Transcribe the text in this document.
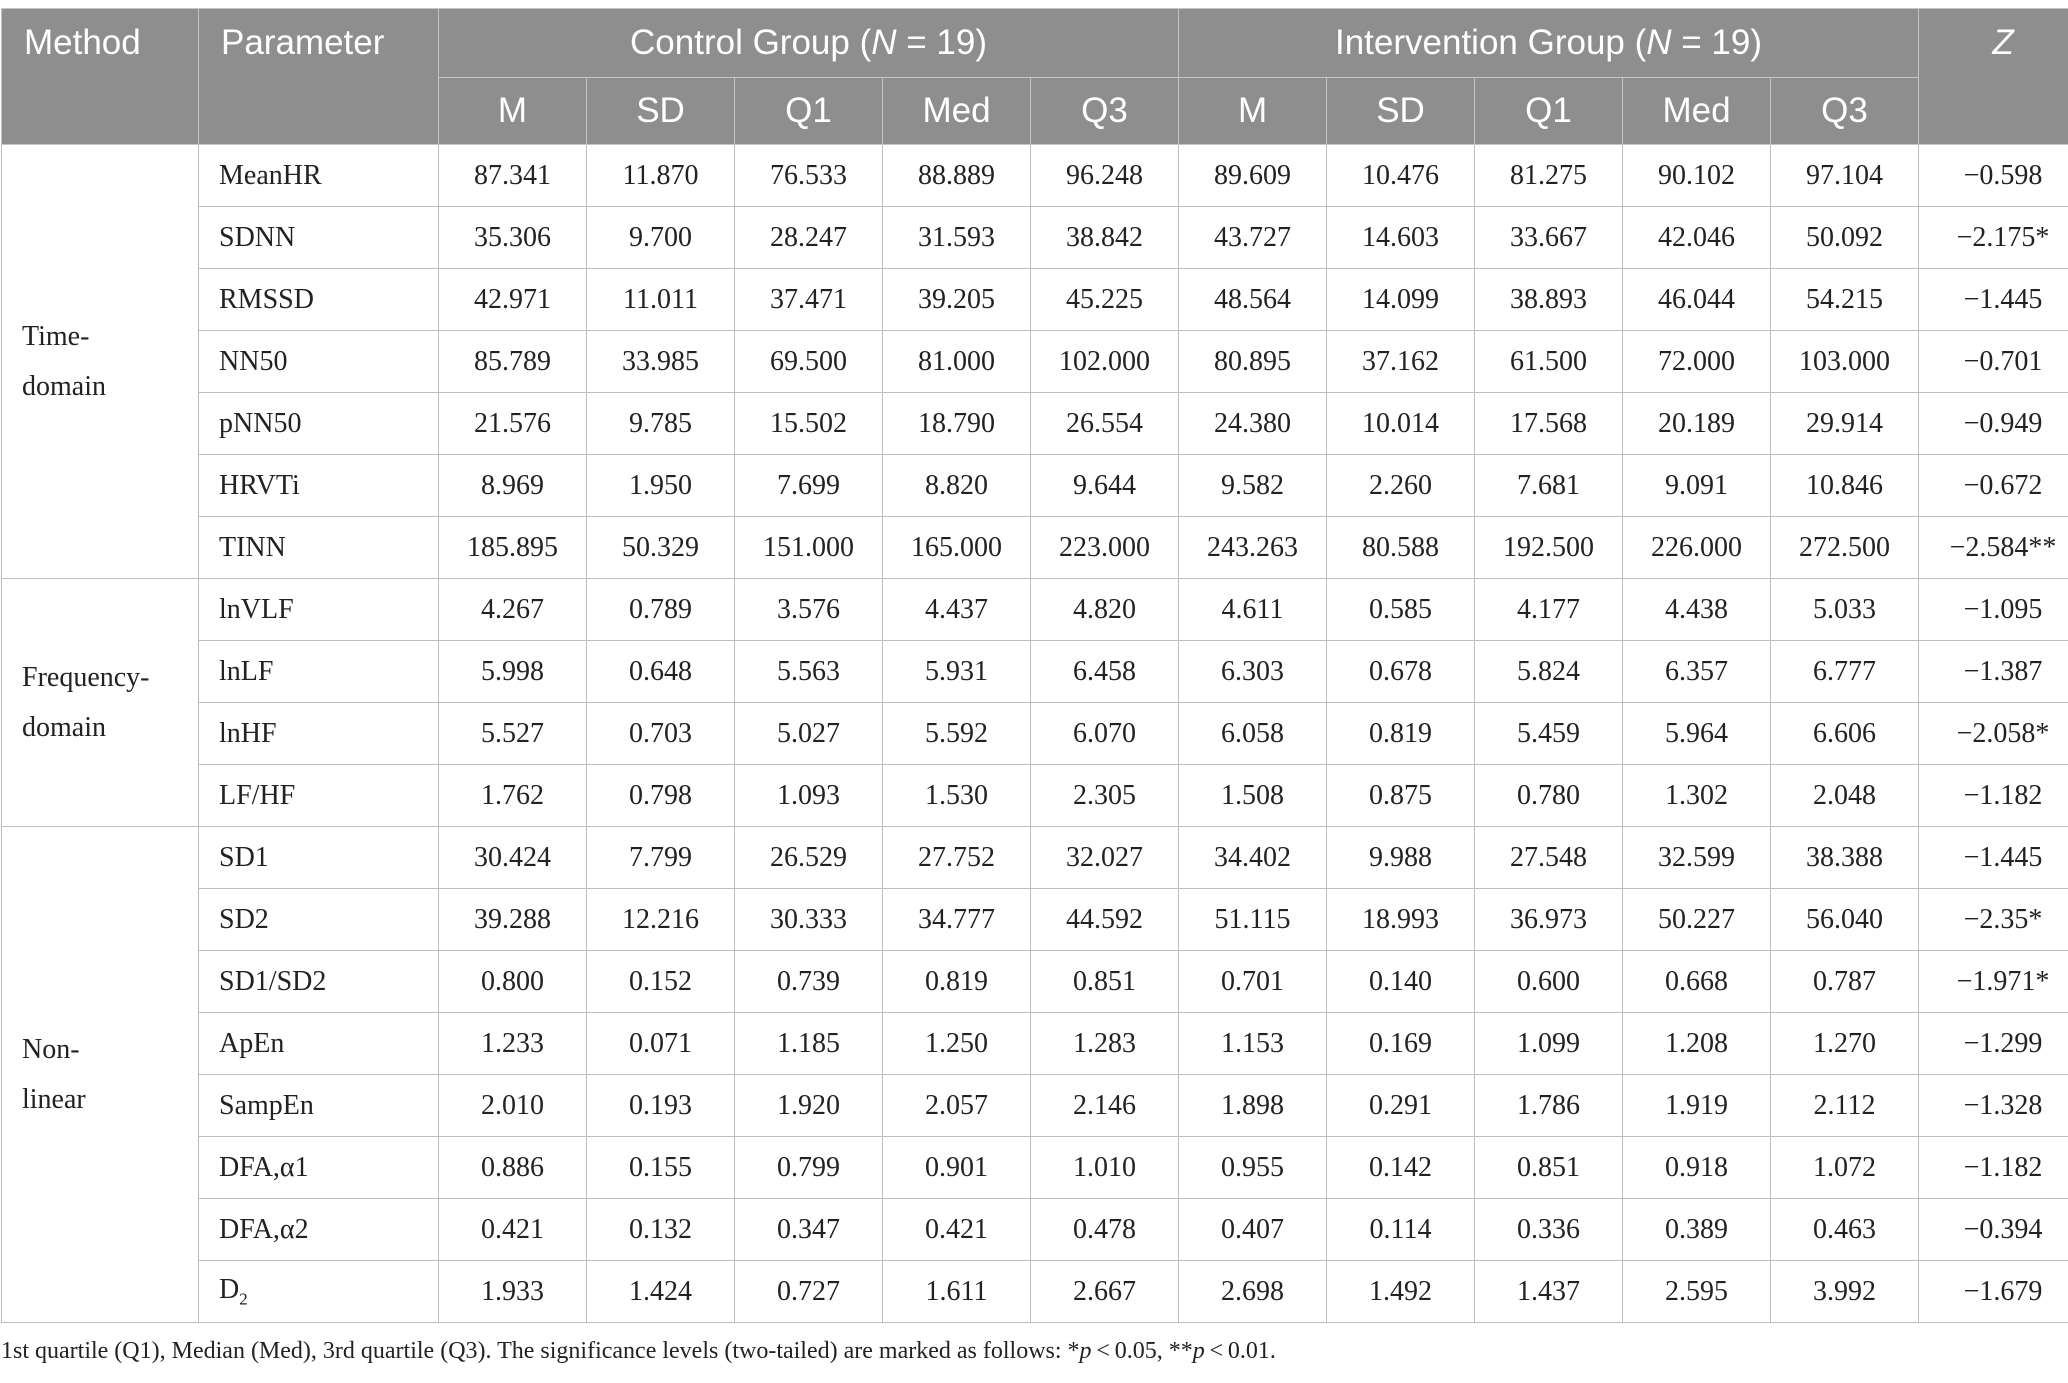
Method	Parameter	Control Group (N = 19)					Intervention Group (N = 19)					Z
		M	SD	Q1	Med	Q3	M	SD	Q1	Med	Q3	
Time-domain	MeanHR	87.341	11.870	76.533	88.889	96.248	89.609	10.476	81.275	90.102	97.104	−0.598
	SDNN	35.306	9.700	28.247	31.593	38.842	43.727	14.603	33.667	42.046	50.092	−2.175*
	RMSSD	42.971	11.011	37.471	39.205	45.225	48.564	14.099	38.893	46.044	54.215	−1.445
	NN50	85.789	33.985	69.500	81.000	102.000	80.895	37.162	61.500	72.000	103.000	−0.701
	pNN50	21.576	9.785	15.502	18.790	26.554	24.380	10.014	17.568	20.189	29.914	−0.949
	HRVTi	8.969	1.950	7.699	8.820	9.644	9.582	2.260	7.681	9.091	10.846	−0.672
	TINN	185.895	50.329	151.000	165.000	223.000	243.263	80.588	192.500	226.000	272.500	−2.584**
Frequency-domain	lnVLF	4.267	0.789	3.576	4.437	4.820	4.611	0.585	4.177	4.438	5.033	−1.095
	lnLF	5.998	0.648	5.563	5.931	6.458	6.303	0.678	5.824	6.357	6.777	−1.387
	lnHF	5.527	0.703	5.027	5.592	6.070	6.058	0.819	5.459	5.964	6.606	−2.058*
	LF/HF	1.762	0.798	1.093	1.530	2.305	1.508	0.875	0.780	1.302	2.048	−1.182
Non-linear	SD1	30.424	7.799	26.529	27.752	32.027	34.402	9.988	27.548	32.599	38.388	−1.445
	SD2	39.288	12.216	30.333	34.777	44.592	51.115	18.993	36.973	50.227	56.040	−2.35*
	SD1/SD2	0.800	0.152	0.739	0.819	0.851	0.701	0.140	0.600	0.668	0.787	−1.971*
	ApEn	1.233	0.071	1.185	1.250	1.283	1.153	0.169	1.099	1.208	1.270	−1.299
	SampEn	2.010	0.193	1.920	2.057	2.146	1.898	0.291	1.786	1.919	2.112	−1.328
	DFA,α1	0.886	0.155	0.799	0.901	1.010	0.955	0.142	0.851	0.918	1.072	−1.182
	DFA,α2	0.421	0.132	0.347	0.421	0.478	0.407	0.114	0.336	0.389	0.463	−0.394
	$D_2$	1.933	1.424	0.727	1.611	2.667	2.698	1.492	1.437	2.595	3.992	−1.679
1st quartile (Q1), Median (Med), 3rd quartile (Q3). The significance levels (two-tailed) are marked as follows: *p < 0.05, **p < 0.01.
